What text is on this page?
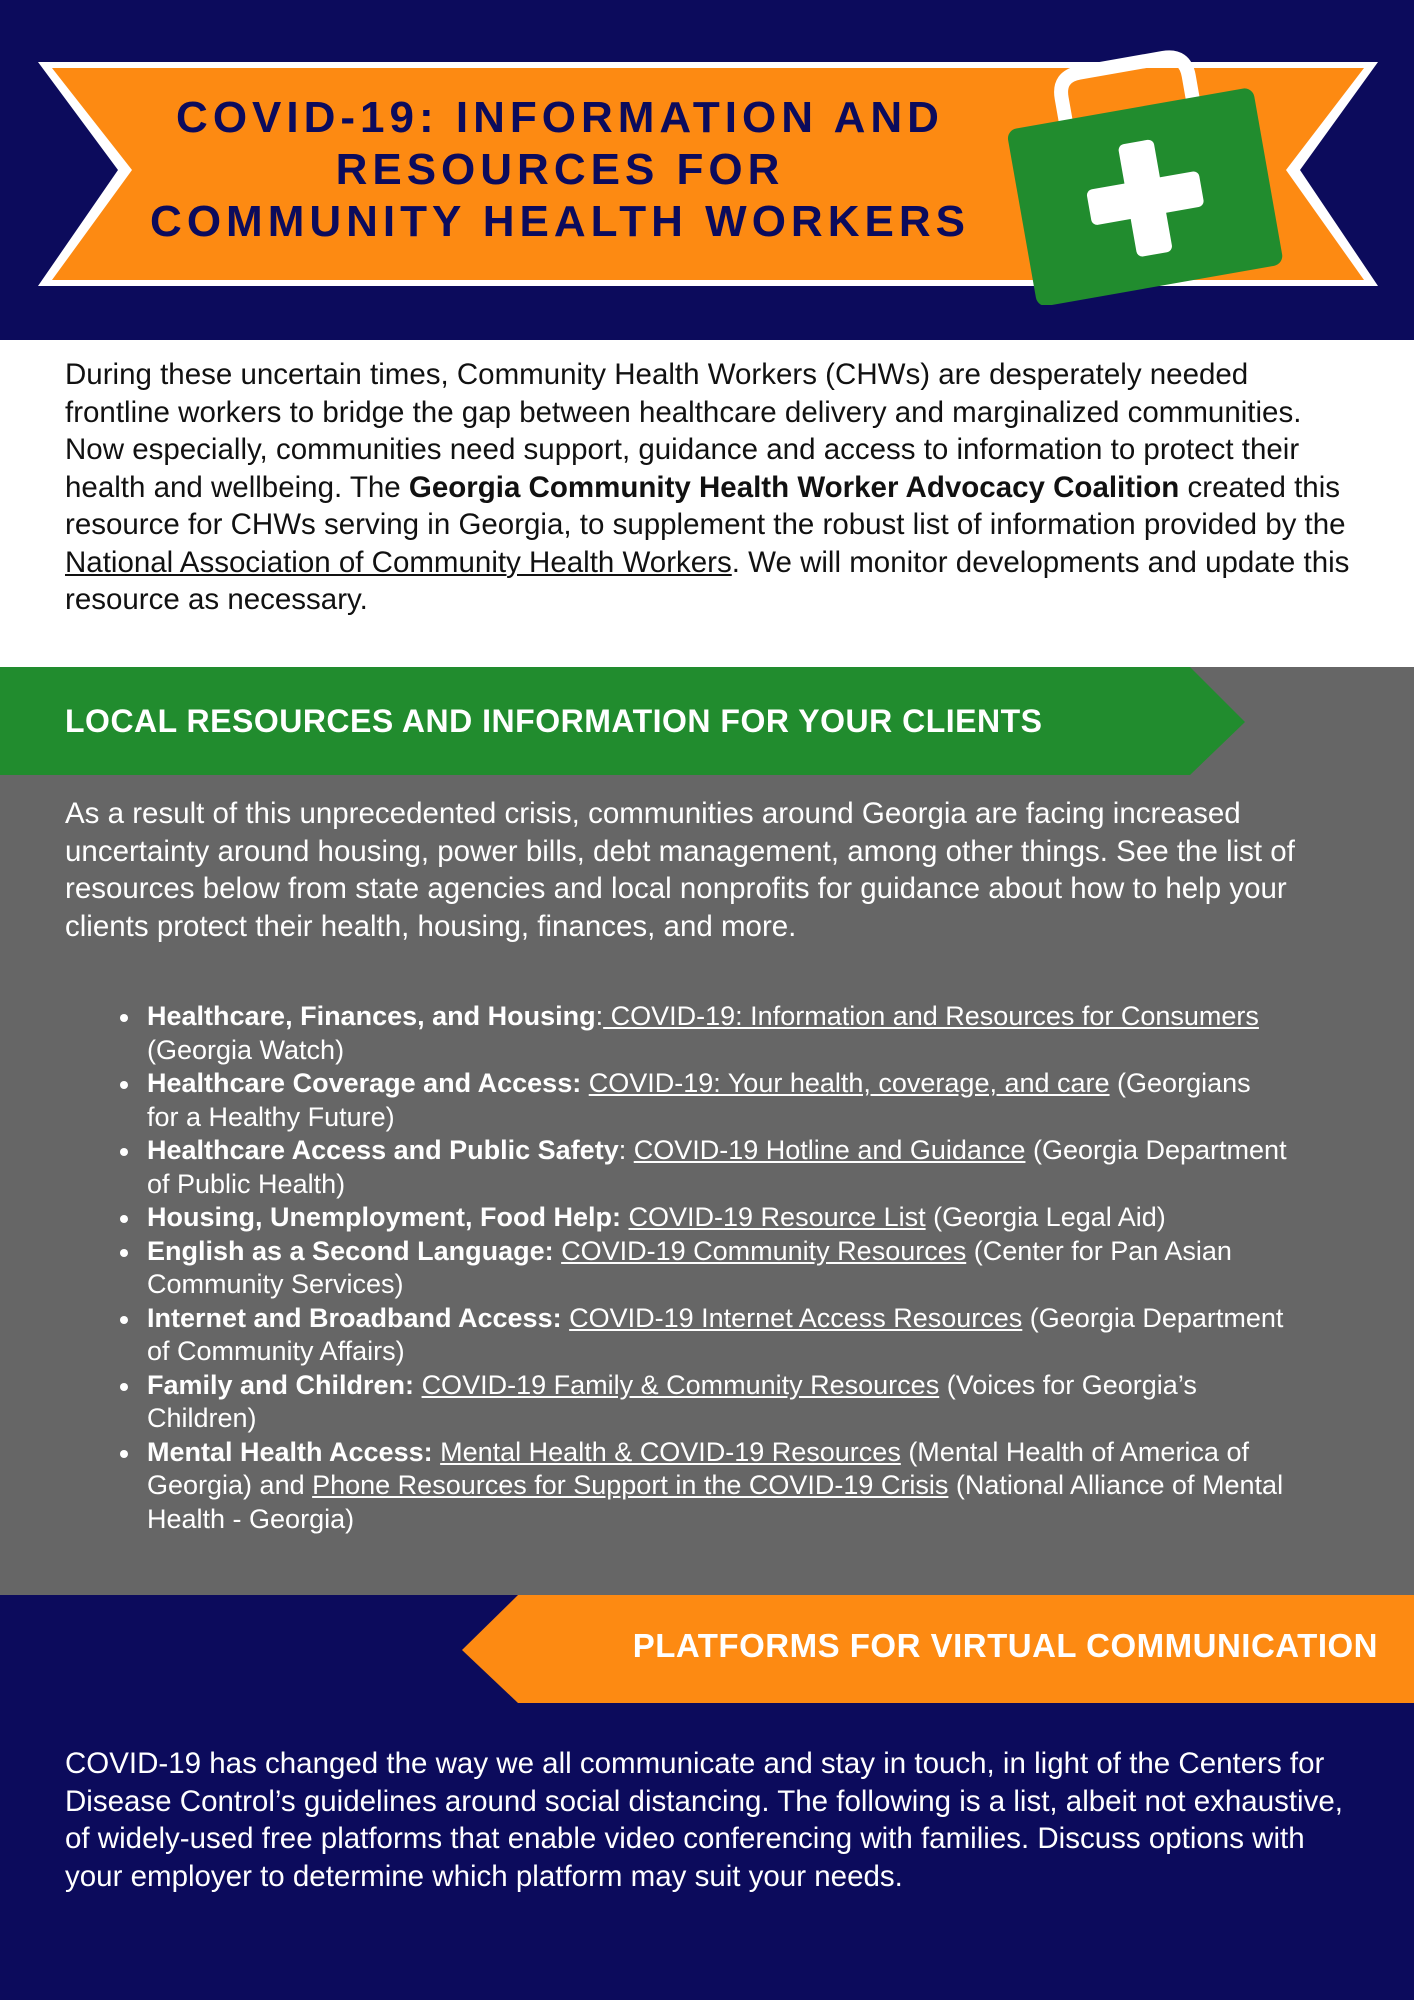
COVID-19: INFORMATION AND
RESOURCES FOR
COMMUNITY HEALTH WORKERS

During these uncertain times, Community Health Workers (CHWs) are desperately needed frontline workers to bridge the gap between healthcare delivery and marginalized communities. Now especially, communities need support, guidance and access to information to protect their health and wellbeing. The Georgia Community Health Worker Advocacy Coalition created this resource for CHWs serving in Georgia, to supplement the robust list of information provided by the National Association of Community Health Workers. We will monitor developments and update this resource as necessary.

LOCAL RESOURCES AND INFORMATION FOR YOUR CLIENTS

As a result of this unprecedented crisis, communities around Georgia are facing increased uncertainty around housing, power bills, debt management, among other things. See the list of resources below from state agencies and local nonprofits for guidance about how to help your clients protect their health, housing, finances, and more.

Healthcare, Finances, and Housing: COVID-19: Information and Resources for Consumers (Georgia Watch)
Healthcare Coverage and Access: COVID-19: Your health, coverage, and care (Georgians for a Healthy Future)
Healthcare Access and Public Safety: COVID-19 Hotline and Guidance (Georgia Department of Public Health)
Housing, Unemployment, Food Help: COVID-19 Resource List (Georgia Legal Aid)
English as a Second Language: COVID-19 Community Resources (Center for Pan Asian Community Services)
Internet and Broadband Access: COVID-19 Internet Access Resources (Georgia Department of Community Affairs)
Family and Children: COVID-19 Family & Community Resources (Voices for Georgia’s Children)
Mental Health Access: Mental Health & COVID-19 Resources (Mental Health of America of Georgia) and Phone Resources for Support in the COVID-19 Crisis (National Alliance of Mental Health - Georgia)
PLATFORMS FOR VIRTUAL COMMUNICATION

COVID-19 has changed the way we all communicate and stay in touch, in light of the Centers for Disease Control’s guidelines around social distancing. The following is a list, albeit not exhaustive, of widely-used free platforms that enable video conferencing with families. Discuss options with your employer to determine which platform may suit your needs.
